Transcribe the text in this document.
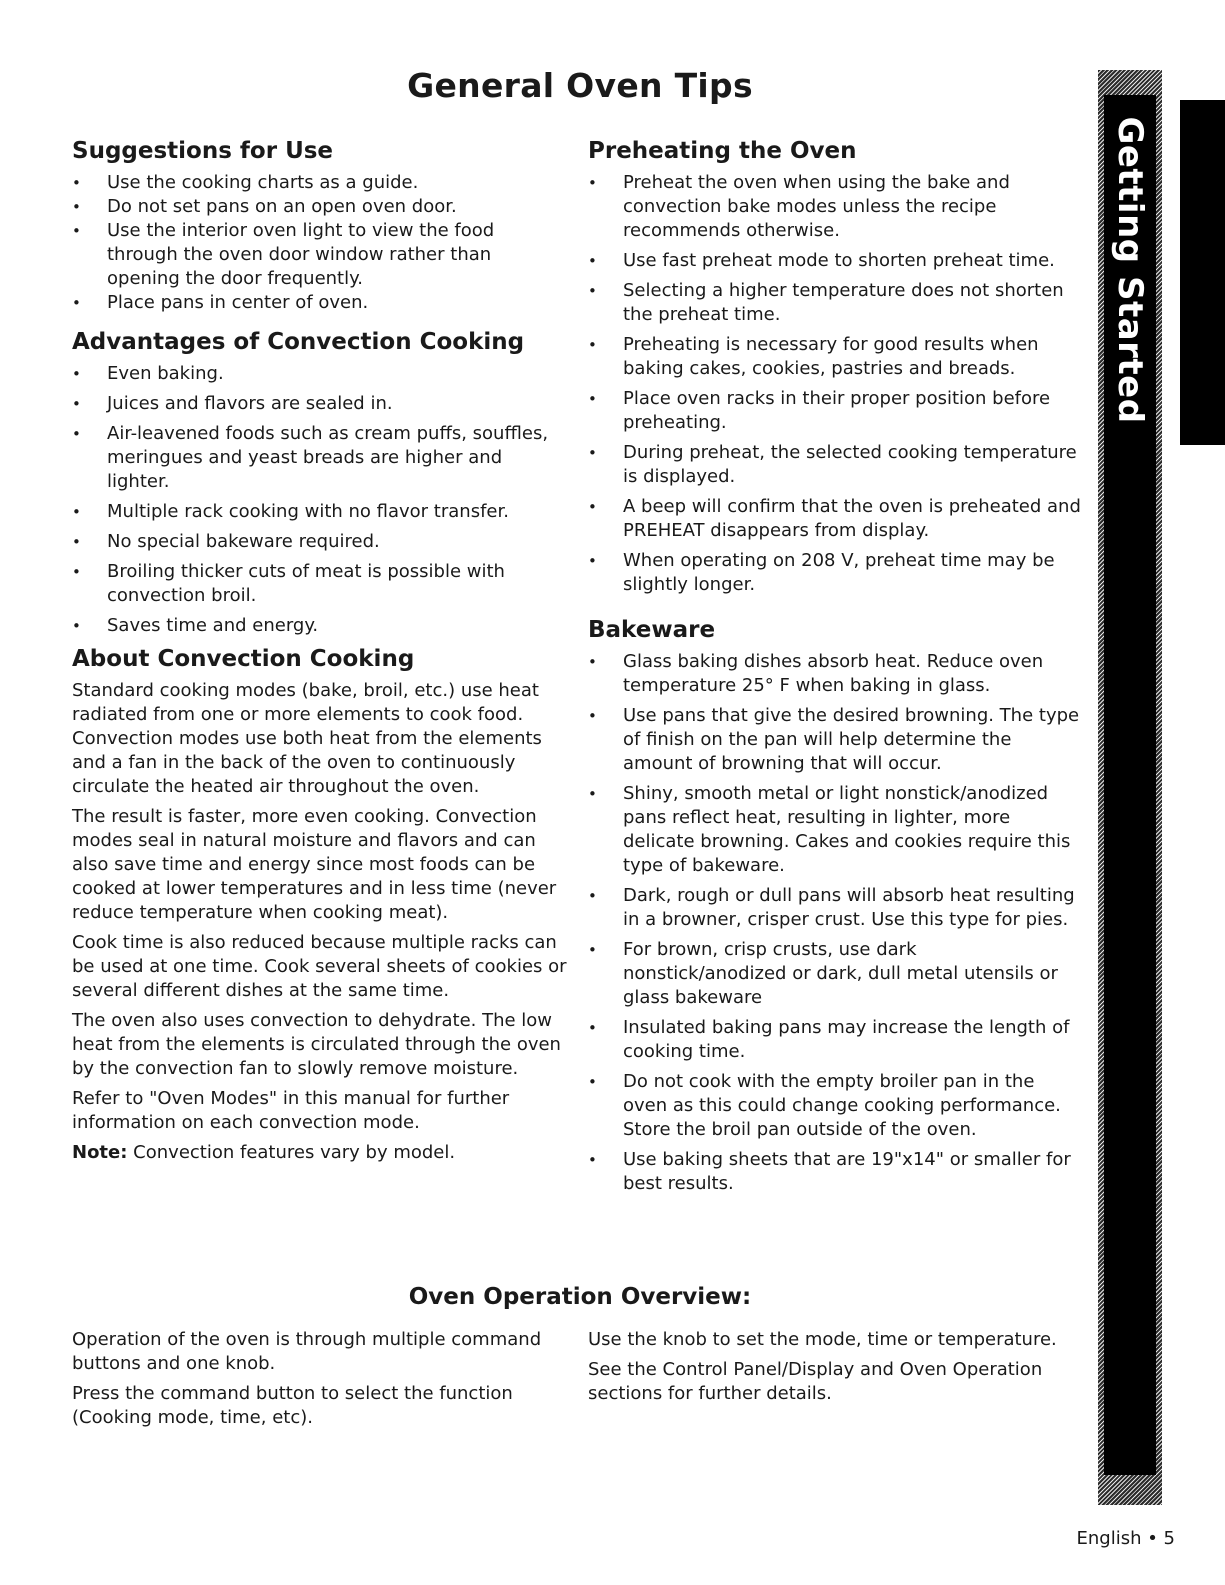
General Oven Tips
Suggestions for Use
• Use the cooking charts as a guide.
• Do not set pans on an open oven door.
• Use the interior oven light to view the food through the oven door window rather than opening the door frequently.
• Place pans in center of oven.
Advantages of Convection Cooking
• Even baking.
• Juices and flavors are sealed in.
• Air-leavened foods such as cream puffs, souffles, meringues and yeast breads are higher and lighter.
• Multiple rack cooking with no flavor transfer.
• No special bakeware required.
• Broiling thicker cuts of meat is possible with convection broil.
• Saves time and energy.
About Convection Cooking

Standard cooking modes (bake, broil, etc.) use heat radiated from one or more elements to cook food. Convection modes use both heat from the elements and a fan in the back of the oven to continuously circulate the heated air throughout the oven.

The result is faster, more even cooking. Convection modes seal in natural moisture and flavors and can also save time and energy since most foods can be cooked at lower temperatures and in less time (never reduce temperature when cooking meat).

Cook time is also reduced because multiple racks can be used at one time. Cook several sheets of cookies or several different dishes at the same time.

The oven also uses convection to dehydrate. The low heat from the elements is circulated through the oven by the convection fan to slowly remove moisture.

Refer to "Oven Modes" in this manual for further information on each convection mode.

Note: Convection features vary by model.

Preheating the Oven
• Preheat the oven when using the bake and convection bake modes unless the recipe recommends otherwise.
• Use fast preheat mode to shorten preheat time.
• Selecting a higher temperature does not shorten the preheat time.
• Preheating is necessary for good results when baking cakes, cookies, pastries and breads.
• Place oven racks in their proper position before preheating.
• During preheat, the selected cooking temperature is displayed.
• A beep will confirm that the oven is preheated and PREHEAT disappears from display.
• When operating on 208 V, preheat time may be slightly longer.
Bakeware
• Glass baking dishes absorb heat. Reduce oven temperature 25° F when baking in glass.
• Use pans that give the desired browning. The type of finish on the pan will help determine the amount of browning that will occur.
• Shiny, smooth metal or light nonstick/anodized pans reflect heat, resulting in lighter, more delicate browning. Cakes and cookies require this type of bakeware.
• Dark, rough or dull pans will absorb heat resulting in a browner, crisper crust. Use this type for pies.
• For brown, crisp crusts, use dark nonstick/anodized or dark, dull metal utensils or glass bakeware
• Insulated baking pans may increase the length of cooking time.
• Do not cook with the empty broiler pan in the oven as this could change cooking performance. Store the broil pan outside of the oven.
• Use baking sheets that are 19"x14" or smaller for best results.
Oven Operation Overview:

Operation of the oven is through multiple command buttons and one knob.

Press the command button to select the function (Cooking mode, time, etc).

Use the knob to set the mode, time or temperature.

See the Control Panel/Display and Oven Operation sections for further details.

Getting Started
English • 5
